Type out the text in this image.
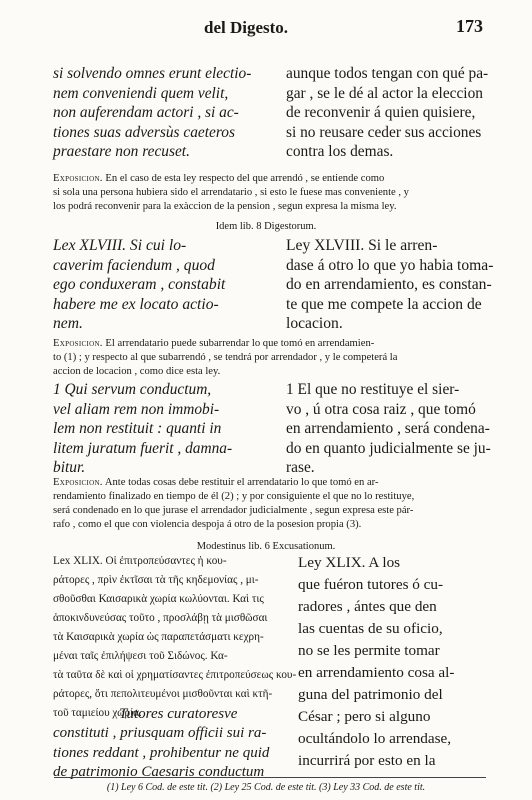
del Digesto.	173
si solvendo omnes erunt electio-
nem conveniendi quem velit,
non auferendam actori , si ac-
tiones suas adversùs caeteros
praestare non recuset.
aunque todos tengan con qué pa-
gar , se le dé al actor la eleccion
de reconvenir á quien quisiere,
si no reusare ceder sus acciones
contra los demas.
Exposicion. En el caso de esta ley respecto del que arrendó , se entiende como
si sola una persona hubiera sido el arrendatario , si esto le fuese mas conveniente , y
los podrá reconvenir para la exàccion de la pension , segun expresa la misma ley.
Idem lib. 8 Digestorum.
Lex XLVIII. Si cui lo-
caverim faciendum , quod
ego conduxeram , constabit
habere me ex locato actio-
nem.
Ley XLVIII. Si le arren-
dase á otro lo que yo habia toma-
do en arrendamiento, es constan-
te que me compete la accion de
locacion.
Exposicion. El arrendatario puede subarrendar lo que tomó en arrendamien-
to (1) ; y respecto al que subarrendó , se tendrá por arrendador , y le competerá la
accion de locacion , como dice esta ley.
1 Qui servum conductum,
vel aliam rem non immobi-
lem non restituit : quanti in
litem juratum fuerit , damna-
bitur.
1 El que no restituye el sier-
vo , ú otra cosa raiz , que tomó
en arrendamiento , será condena-
do en quanto judicialmente se ju-
rase.
Exposicion. Ante todas cosas debe restituir el arrendatario lo que tomó en ar-
rendamiento finalizado en tiempo de él (2) ; y por consiguiente el que no lo restituye,
será condenado en lo que jurase el arrendador judicialmente , segun expresa este pár-
rafo , como el que con violencia despoja á otro de la posesion propia (3).
Modestinus lib. 6 Excusationum.
Lex XLIX. Οἱ ἐπιτροπεύσαντες ἡ κου-
ράτορες , πρὶν ἐκτῖσαι τὰ τῆς κηδεμονίας , μι-
σθοῦσθαι Καισαρικὰ χωρία κωλύονται. Καὶ τις
ἀποκινδυνεύσας τοῦτο , προσλάβῃ τὰ μισθῶσαι
τὰ Καισαρικὰ χωρία ὡς παραπετάσματι κεχρη-
μέναι ταῖς ἐπιλήψεσι τοῦ Σιδώνος. Κα-
τὰ ταῦτα δὲ καὶ οἱ χρηματίσαντες ἐπιτροπεύσεως κου-
ράτορες, ὅτι πεπολιτευμένοι μισθοῦνται καὶ κτῆ-
τοῦ ταμιείου χωρία.
Tutores curatoresve
constituti , priusquam officii sui ra-
tiones reddant , prohibentur ne quid
de patrimonio Caesaris conductum
Ley XLIX. A los
que fuéron tutores ó cu-
radores , ántes que den
las cuentas de su oficio,
no se les permite tomar
en arrendamiento cosa al-
guna del patrimonio del
César ; pero si alguno
ocultándolo lo arrendase,
incurrirá por esto en la
(1) Ley 6 Cod. de este tit. (2) Ley 25 Cod. de este tit. (3) Ley 33 Cod. de este tit.
